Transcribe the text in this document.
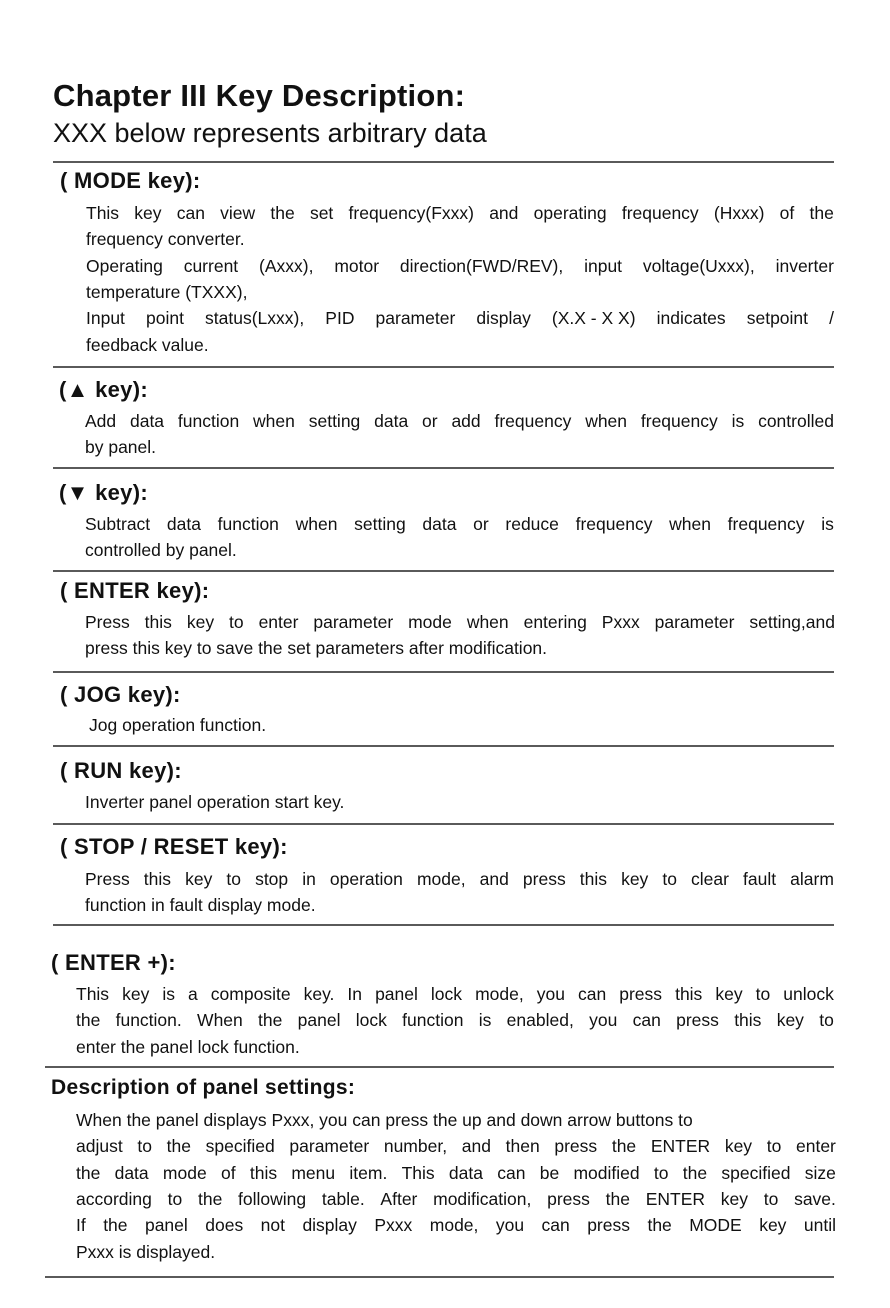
Chapter III Key Description:
XXX below represents arbitrary data
( MODE key):
This key can view the set frequency(Fxxx) and operating frequency (Hxxx) of the
frequency converter.
Operating current (Axxx), motor direction(FWD/REV), input voltage(Uxxx), inverter
temperature (TXXX),
Input point status(Lxxx), PID parameter display (X.X - X X) indicates setpoint /
feedback value.
(▲ key):
Add data function when setting data or add frequency when frequency is controlled
by panel.
(▼ key):
Subtract data function when setting data or reduce frequency when frequency is
controlled by panel.
( ENTER key):
Press this key to enter parameter mode when entering Pxxx parameter setting,and
press this key to save the set parameters after modification.
( JOG key):
Jog operation function.
( RUN key):
Inverter panel operation start key.
( STOP / RESET key):
Press this key to stop in operation mode, and press this key to clear fault alarm
function in fault display mode.
( ENTER +):
This key is a composite key. In panel lock mode, you can press this key to unlock
the function. When the panel lock function is enabled, you can press this key to
enter the panel lock function.
Description of panel settings:
When the panel displays Pxxx, you can press the up and down arrow buttons to
adjust to the specified parameter number, and then press the ENTER key to enter
the data mode of this menu item. This data can be modified to the specified size
according to the following table. After modification, press the ENTER key to save.
If the panel does not display Pxxx mode, you can press the MODE key until
Pxxx is displayed.
